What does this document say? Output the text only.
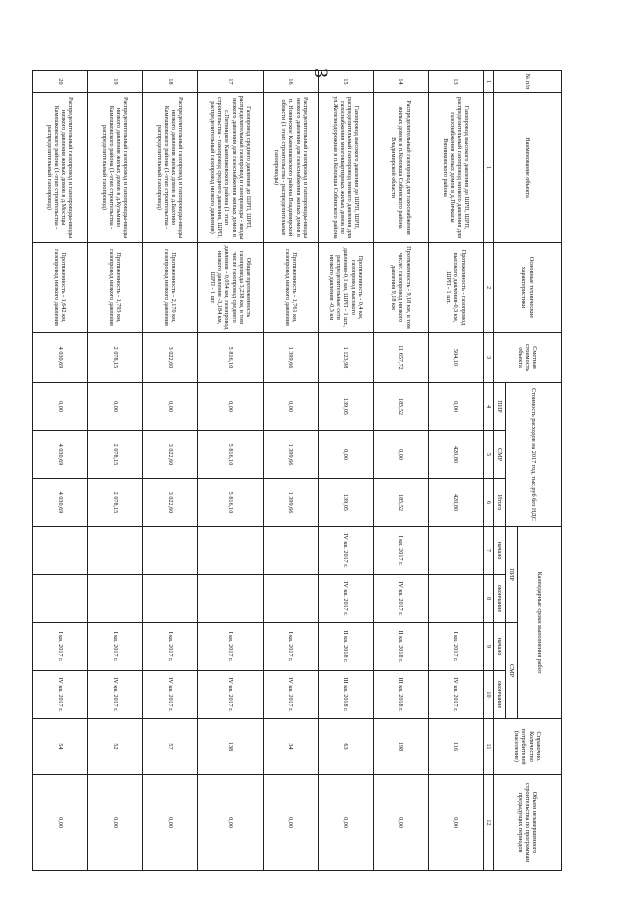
3
№ п/п	Наименование объекта	Основные технические характеристики	Сметная стоимость объекта	Стоимость расходов на 2017 год, тыс.руб без НДС			Календарные сроки выполнения работ				Справочно. Количество потребителей (население)	Объем незавершенного строительства по программам предыдущих периодов
							ПИР		СМР			
				ПИР	СМР	Итого	начало	окончание	начало	окончание		
1	1	2	3	4	5	6	7	8	9	10	11	12
13	Газопровод высокого давления до ШРП, ШРП, распределительный газопровод низкого давления для газоснабжения жилых домов в д.Пичкасы Вязниковского района	Протяженность - газопровод высокого давления-0,3 км, ШРП - 1 шт.	504,10	0,00	420,80	420,80			I кв. 2017 г.	IV кв. 2017 г.	116	0,00
14	Распределительный газопровод для газоснабжения жилых домов в п.Колокша Собинского района Владимирской области	Протяженность - 9,18 км, в том числе: газопровод низкого давления 9,18 км	11 657,72	185,52	0,00	185,52	I кв. 2017 г.	IV кв. 2017 г.	II кв. 2018 г.	III кв. 2018 г.	198	0,00
15	Газопровод высокого давления до ШРП, ШРП, распределительный газопровод низкого давления для газоснабжения многоквартирных жилых домов по ул.Железнодорожная в п.Колокша Собинского района	Протяженность - 0,4 км, газопровод высокого давления-0,1 км, ШРП - 1 шт., распределительные сети низкого давления -0,3 км	1 123,98	139,05	0,00	139,05	IV кв. 2017 г.	IV кв. 2017 г.	II кв. 2018 г.	III кв. 2018 г.	63	0,00
16	Распределительный газопровод и газопроводы-вводы низкого давления для газоснабжения жилых домов в п. Новинское Камешковского района Владимирской области (1 этап строительства - распределительные газопроводы)	Протяженность - 1,761 км, газопровод низкого давления	1 399,66	0,00	1 399,66	1 399,66			I кв. 2017 г.	IV кв. 2017 г.	34	0,00
17	Газопровод среднего давления до ШРП, ШРП, распределительный газопровод и газопроводы - вводы низкого давления для газоснабжения жилых домов в с.Пятницкое Камешковского района (1 этап строительства - газопровод среднего давления, ШРП, распределительный газопровод низкого давления)	Общая протяженность газопровода 3,238 км, в том числе газопровод среднего давления - 0,054 км, газопровод низкого давления -3,184 км, ШРП - 1 шт	5 816,10	0,00	5 816,10	5 816,10			I кв. 2017 г.	IV кв. 2017 г.	138	0,00
18	Распределительный газопровод и газопроводы-вводы низкого давления жилых домов в д.Бахтино Камешковского района (1-этап строительства - распределительный газопровод)	Протяженность - 2,170 км, газопровод низкого давления	3 022,60	0,00	3 022,60	3 022,60			I кв. 2017 г.	IV кв. 2017 г.	57	0,00
19	Распределительный газопровод и газопроводы-вводы низкого давления жилых домов в д.Кузьмино Камешковского района (1-этап строительства - распределительный газопровод)	Протяженность - 1,793 км, газопровод низкого давления	2 078,15	0,00	2 078,15	2 078,15			I кв. 2017 г.	IV кв. 2017 г.	52	0,00
20	Распределительный газопровод и газопроводы-вводы низкого давления жилых домов в д.Мостцы Камешковского района (1-этап строительства - распределительный газопровод)	Протяженность - 1,642 км, газопровод низкого давления	4 030,69	0,00	4 030,69	4 030,69			I кв. 2017 г.	IV кв. 2017 г.	54	0,00
